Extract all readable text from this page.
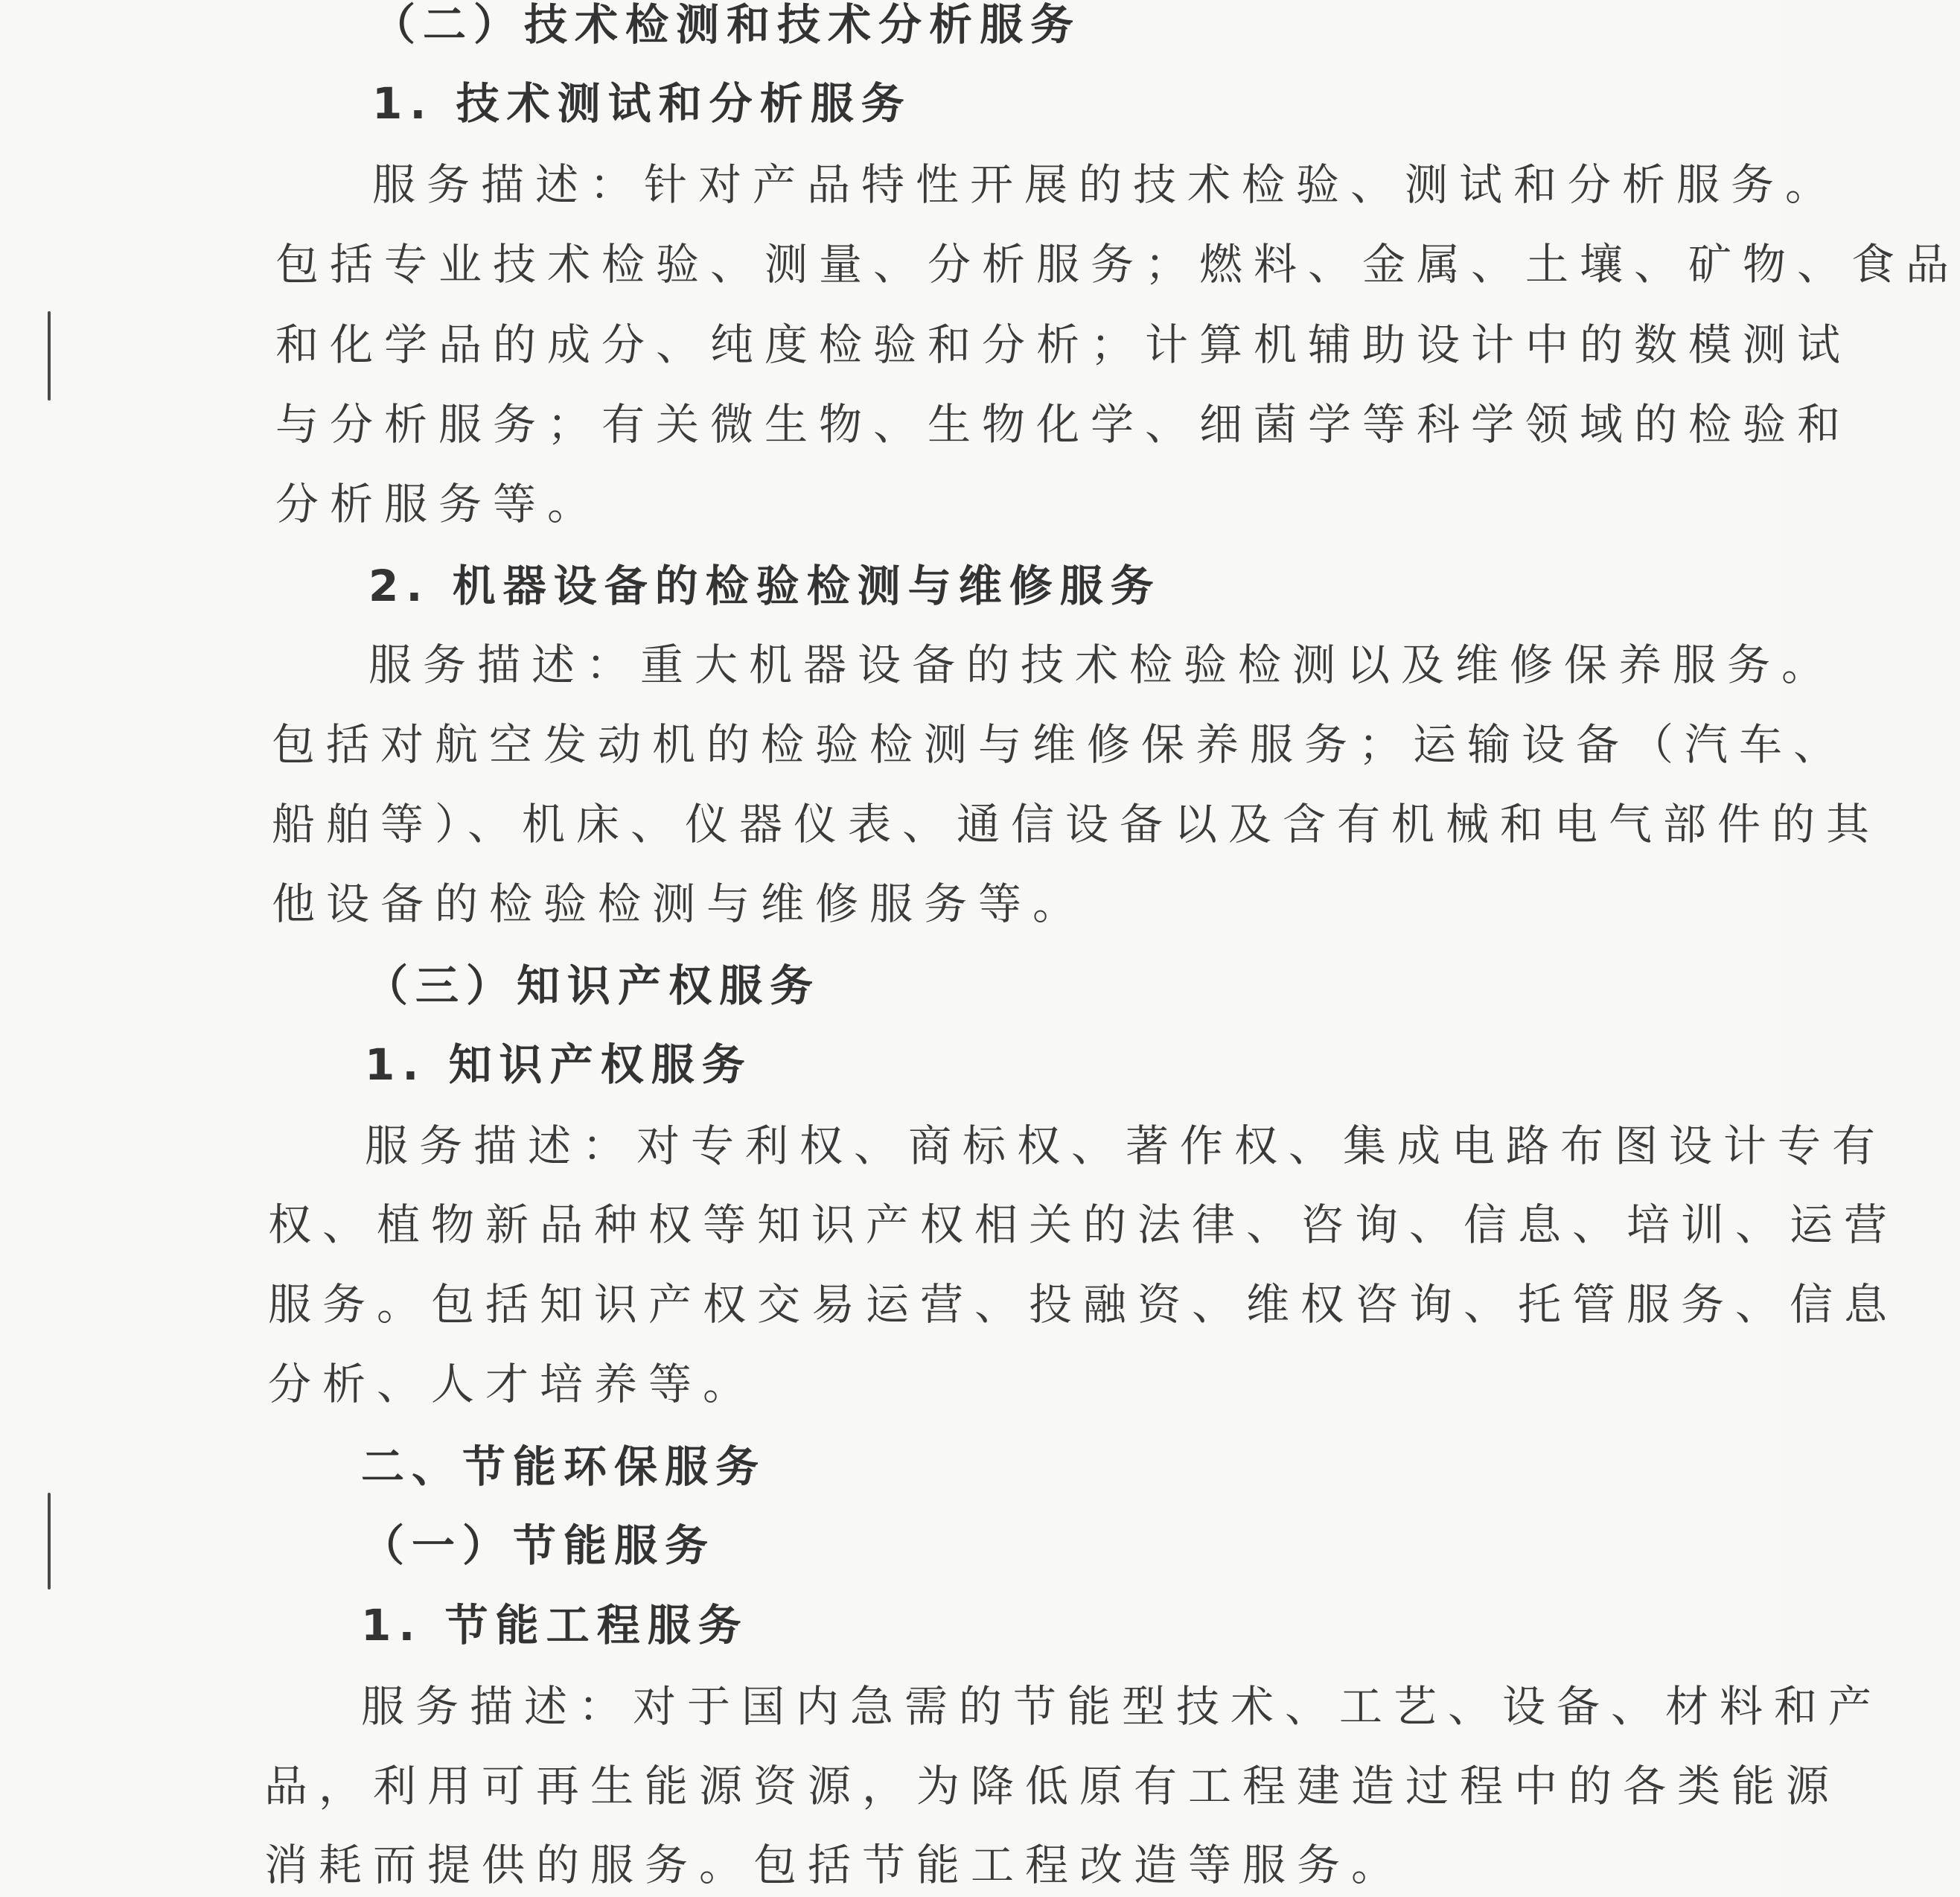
（二）技术检测和技术分析服务
1. 技术测试和分析服务
服务描述：针对产品特性开展的技术检验、测试和分析服务。
包括专业技术检验、测量、分析服务；燃料、金属、土壤、矿物、食品
和化学品的成分、纯度检验和分析；计算机辅助设计中的数模测试
与分析服务；有关微生物、生物化学、细菌学等科学领域的检验和
分析服务等。
2. 机器设备的检验检测与维修服务
服务描述：重大机器设备的技术检验检测以及维修保养服务。
包括对航空发动机的检验检测与维修保养服务；运输设备（汽车、
船舶等）、机床、仪器仪表、通信设备以及含有机械和电气部件的其
他设备的检验检测与维修服务等。
（三）知识产权服务
1. 知识产权服务
服务描述：对专利权、商标权、著作权、集成电路布图设计专有
权、植物新品种权等知识产权相关的法律、咨询、信息、培训、运营
服务。包括知识产权交易运营、投融资、维权咨询、托管服务、信息
分析、人才培养等。
二、节能环保服务
（一）节能服务
1. 节能工程服务
服务描述：对于国内急需的节能型技术、工艺、设备、材料和产
品，利用可再生能源资源，为降低原有工程建造过程中的各类能源
消耗而提供的服务。包括节能工程改造等服务。
